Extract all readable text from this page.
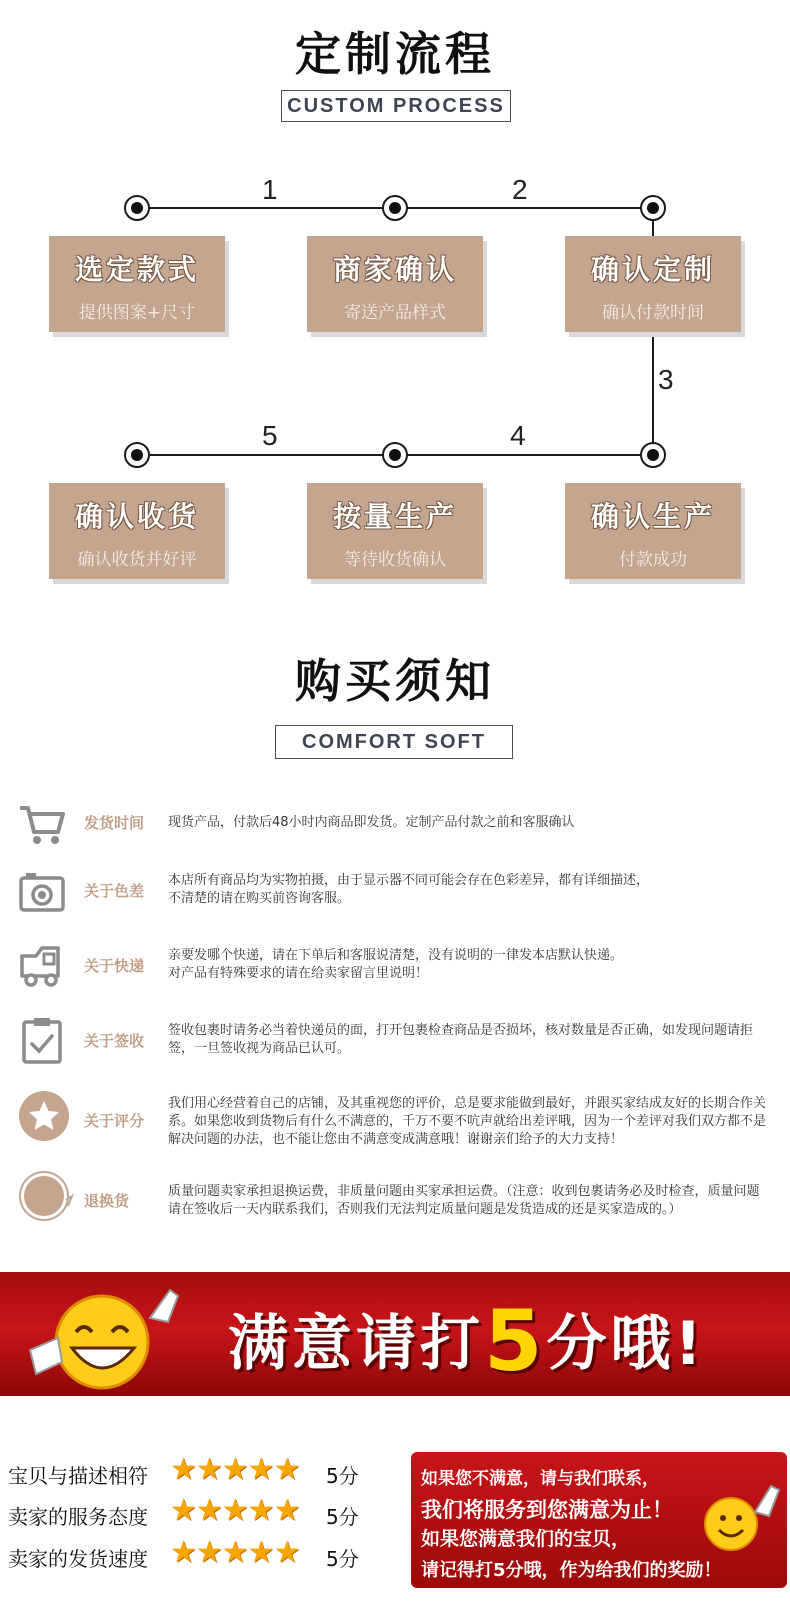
定制流程
CUSTOM PROCESS
1	2
3
4
5
选定款式
提供图案+尺寸
商家确认
寄送产品样式
确认定制
确认付款时间
确认收货
确认收货并好评
按量生产
等待收货确认
确认生产
付款成功
购买须知
COMFORT SOFT
发货时间 现货产品，付款后48小时内商品即发货。定制产品付款之前和客服确认
关于色差
本店所有商品均为实物拍摄，由于显示器不同可能会存在色彩差异，都有详细描述，
不清楚的请在购买前咨询客服。
关于快递
亲要发哪个快递，请在下单后和客服说清楚，没有说明的一律发本店默认快递。
对产品有特殊要求的请在给卖家留言里说明！
关于签收
签收包裹时请务必当着快递员的面，打开包裹检查商品是否损坏，核对数量是否正确，如发现问题请拒签，一旦签收视为商品已认可。
关于评分
我们用心经营着自己的店铺，及其重视您的评价，总是要求能做到最好，并跟买家结成友好的长期合作关系。如果您收到货物后有什么不满意的，千万不要不吭声就给出差评哦，因为一个差评对我们双方都不是解决问题的办法，也不能让您由不满意变成满意哦！谢谢亲们给予的大力支持！
退换货
质量问题卖家承担退换运费，非质量问题由买家承担运费。（注意：收到包裹请务必及时检查，质量问题请在签收后一天内联系我们，否则我们无法判定质量问题是发货造成的还是买家造成的。）
满意请打5分哦!
宝贝与描述相符 ★★★★★ 5分
卖家的服务态度 ★★★★★ 5分
卖家的发货速度 ★★★★★ 5分
如果您不满意，请与我们联系，
我们将服务到您满意为止！
如果您满意我们的宝贝，
请记得打5分哦，作为给我们的奖励！
